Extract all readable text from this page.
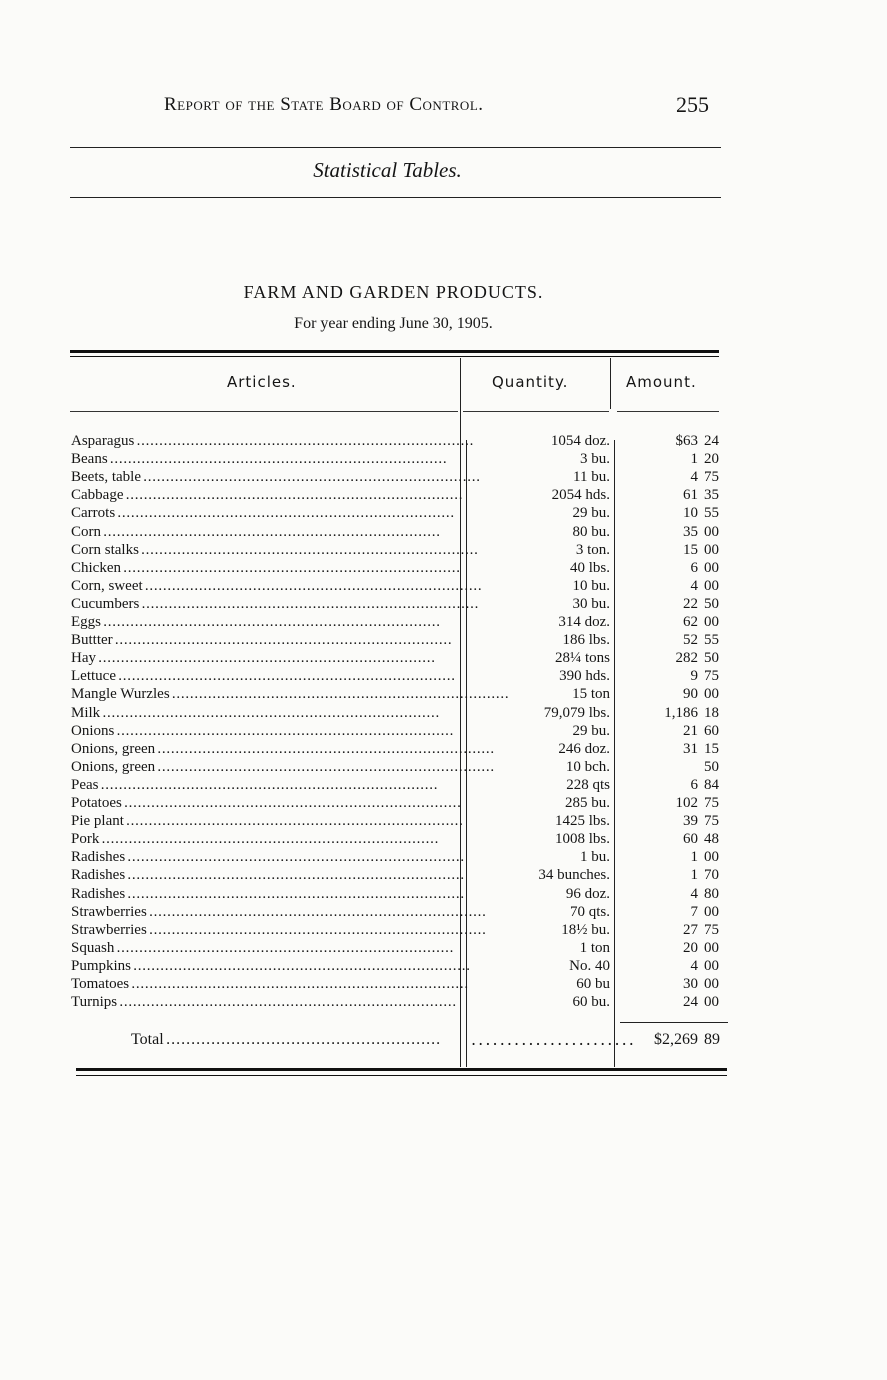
Report of the State Board of Control.	255
Statistical Tables.
FARM AND GARDEN PRODUCTS.
For year ending June 30, 1905.
Articles.	Quantity.	Amount.
Asparagus . . .	1054 doz.	$63 24
Beans . . .	3 bu.	1 20
Beets, table . . .	11 bu.	4 75
Cabbage . . .	2054 hds.	61 35
Carrots . . .	29 bu.	10 55
Corn . . .	80 bu.	35 00
Corn stalks . . .	3 ton.	15 00
Chicken . . .	40 lbs.	6 00
Corn, sweet . . .	10 bu.	4 00
Cucumbers . . .	30 bu.	22 50
Eggs . . .	314 doz.	62 00
Buttter . . .	186 lbs.	52 55
Hay . . .	28¼ tons	282 50
Lettuce . . .	390 hds.	9 75
Mangle Wurzles . . .	15 ton	90 00
Milk . . .	79,079 lbs.	1,186 18
Onions . . .	29 bu.	21 60
Onions, green . . .	246 doz.	31 15
Onions, green . . .	10 bch.	50
Peas . . .	228 qts	6 84
Potatoes . . .	285 bu.	102 75
Pie plant . . .	1425 lbs.	39 75
Pork . . .	1008 lbs.	60 48
Radishes . . .	1 bu.	1 00
Radishes . . .	34 bunches.	1 70
Radishes . . .	96 doz.	4 80
Strawberries . . .	70 qts.	7 00
Strawberries . . .	18½ bu.	27 75
Squash . . .	1 ton	20 00
Pumpkins . . .	No. 40	4 00
Tomatoes . . .	60 bu	30 00
Turnips . . .	60 bu.	24 00
Total . . .	. . . . . . . . . . . . . . . . . . . . . . .	$2,269 89
